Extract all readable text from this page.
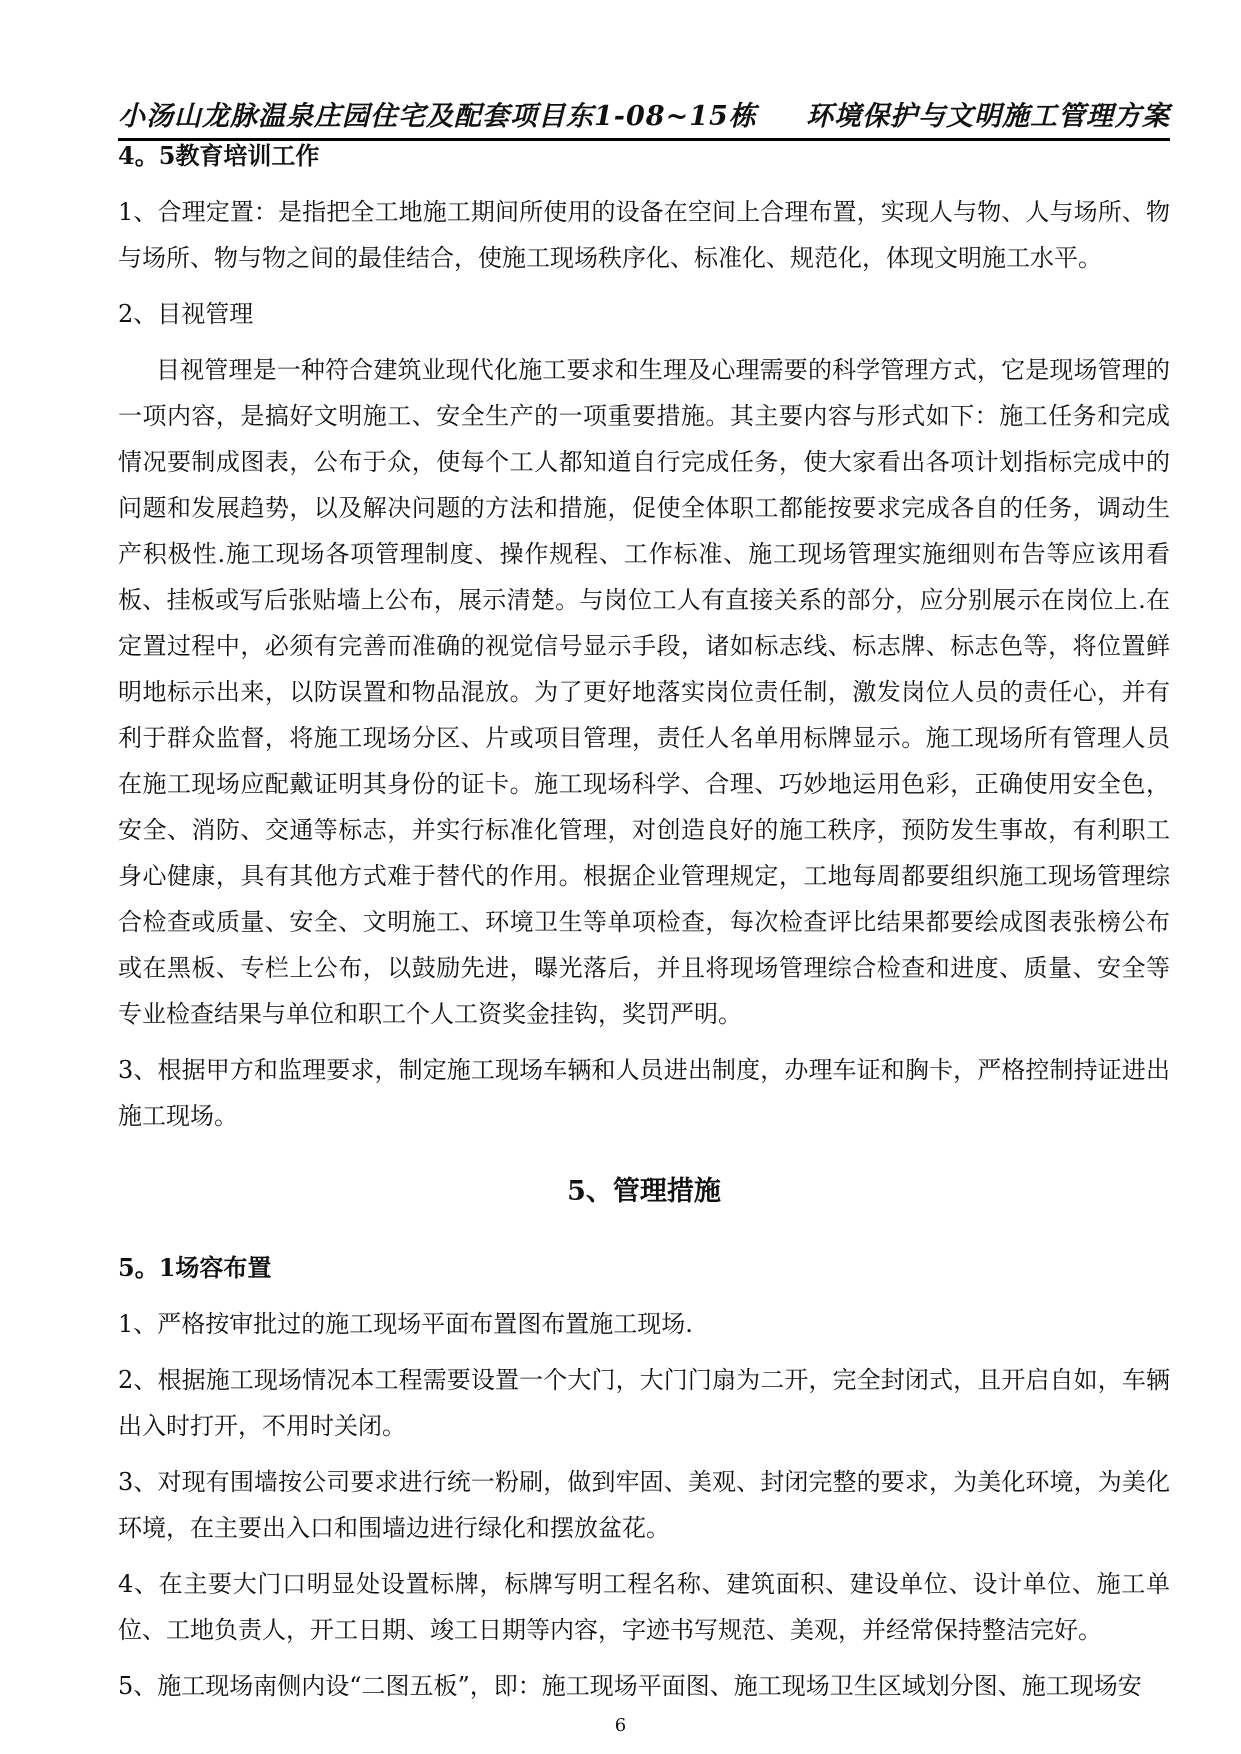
小汤山龙脉温泉庄园住宅及配套项目东1-08~15栋 环境保护与文明施工管理方案
4。5教育培训工作
1、合理定置：是指把全工地施工期间所使用的设备在空间上合理布置，实现人与物、人与场所、物与场所、物与物之间的最佳结合，使施工现场秩序化、标准化、规范化，体现文明施工水平。
2、目视管理
目视管理是一种符合建筑业现代化施工要求和生理及心理需要的科学管理方式，它是现场管理的一项内容，是搞好文明施工、安全生产的一项重要措施。其主要内容与形式如下：施工任务和完成情况要制成图表，公布于众，使每个工人都知道自行完成任务，使大家看出各项计划指标完成中的问题和发展趋势，以及解决问题的方法和措施，促使全体职工都能按要求完成各自的任务，调动生产积极性.施工现场各项管理制度、操作规程、工作标准、施工现场管理实施细则布告等应该用看板、挂板或写后张贴墙上公布，展示清楚。与岗位工人有直接关系的部分，应分别展示在岗位上.在定置过程中，必须有完善而准确的视觉信号显示手段，诸如标志线、标志牌、标志色等，将位置鲜明地标示出来，以防误置和物品混放。为了更好地落实岗位责任制，激发岗位人员的责任心，并有利于群众监督，将施工现场分区、片或项目管理，责任人名单用标牌显示。施工现场所有管理人员在施工现场应配戴证明其身份的证卡。施工现场科学、合理、巧妙地运用色彩，正确使用安全色，安全、消防、交通等标志，并实行标准化管理，对创造良好的施工秩序，预防发生事故，有利职工身心健康，具有其他方式难于替代的作用。根据企业管理规定，工地每周都要组织施工现场管理综合检查或质量、安全、文明施工、环境卫生等单项检查，每次检查评比结果都要绘成图表张榜公布或在黑板、专栏上公布，以鼓励先进，曝光落后，并且将现场管理综合检查和进度、质量、安全等专业检查结果与单位和职工个人工资奖金挂钩，奖罚严明。
3、根据甲方和监理要求，制定施工现场车辆和人员进出制度，办理车证和胸卡，严格控制持证进出施工现场。
5、管理措施
5。1场容布置
1、严格按审批过的施工现场平面布置图布置施工现场.
2、根据施工现场情况本工程需要设置一个大门，大门门扇为二开，完全封闭式，且开启自如，车辆出入时打开，不用时关闭。
3、对现有围墙按公司要求进行统一粉刷，做到牢固、美观、封闭完整的要求，为美化环境，为美化环境，在主要出入口和围墙边进行绿化和摆放盆花。
4、在主要大门口明显处设置标牌，标牌写明工程名称、建筑面积、建设单位、设计单位、施工单位、工地负责人，开工日期、竣工日期等内容，字迹书写规范、美观，并经常保持整洁完好。
5、施工现场南侧内设“二图五板”，即：施工现场平面图、施工现场卫生区域划分图、施工现场安
6
